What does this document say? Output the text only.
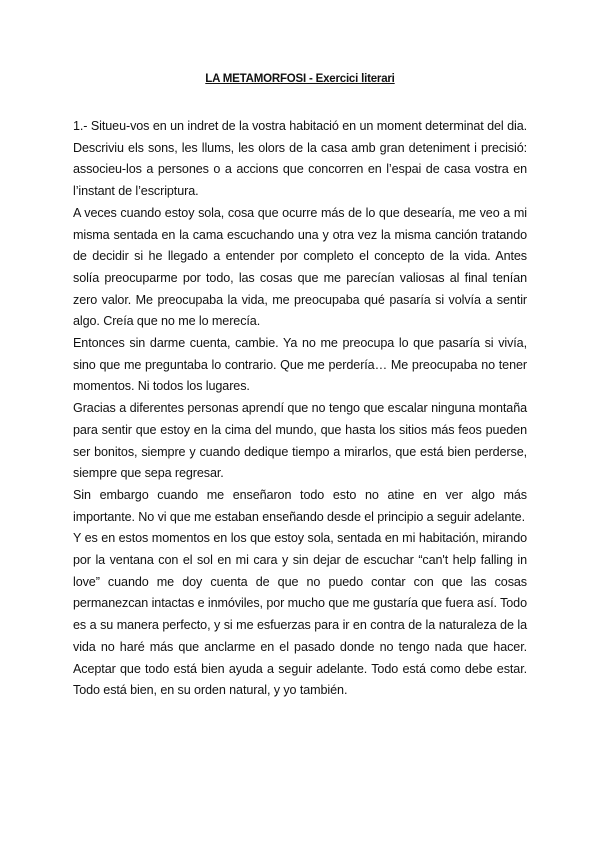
LA METAMORFOSI - Exercici literari

1.- Situeu-vos en un indret de la vostra habitació en un moment determinat del dia. Descriviu els sons, les llums, les olors de la casa amb gran deteniment i precisió: associeu-los a persones o a accions que concorren en l’espai de casa vostra en l’instant de l’escriptura.

A veces cuando estoy sola, cosa que ocurre más de lo que desearía, me veo a mi misma sentada en la cama escuchando una y otra vez la misma canción tratando de decidir si he llegado a entender por completo el concepto de la vida. Antes solía preocuparme por todo, las cosas que me parecían valiosas al final tenían zero valor. Me preocupaba la vida, me preocupaba qué pasaría si volvía a sentir algo. Creía que no me lo merecía.

Entonces sin darme cuenta, cambie. Ya no me preocupa lo que pasaría si vivía, sino que me preguntaba lo contrario. Que me perdería… Me preocupaba no tener momentos. Ni todos los lugares.

Gracias a diferentes personas aprendí que no tengo que escalar ninguna montaña para sentir que estoy en la cima del mundo, que hasta los sitios más feos pueden ser bonitos, siempre y cuando dedique tiempo a mirarlos, que está bien perderse, siempre que sepa regresar.

Sin embargo cuando me enseñaron todo esto no atine en ver algo más importante. No vi que me estaban enseñando desde el principio a seguir adelante.

Y es en estos momentos en los que estoy sola, sentada en mi habitación, mirando por la ventana con el sol en mi cara y sin dejar de escuchar “can't help falling in love” cuando me doy cuenta de que no puedo contar con que las cosas permanezcan intactas e inmóviles, por mucho que me gustaría que fuera así. Todo es a su manera perfecto, y si me esfuerzas para ir en contra de la naturaleza de la vida no haré más que anclarme en el pasado donde no tengo nada que hacer. Aceptar que todo está bien ayuda a seguir adelante. Todo está como debe estar. Todo está bien, en su orden natural, y yo también.
